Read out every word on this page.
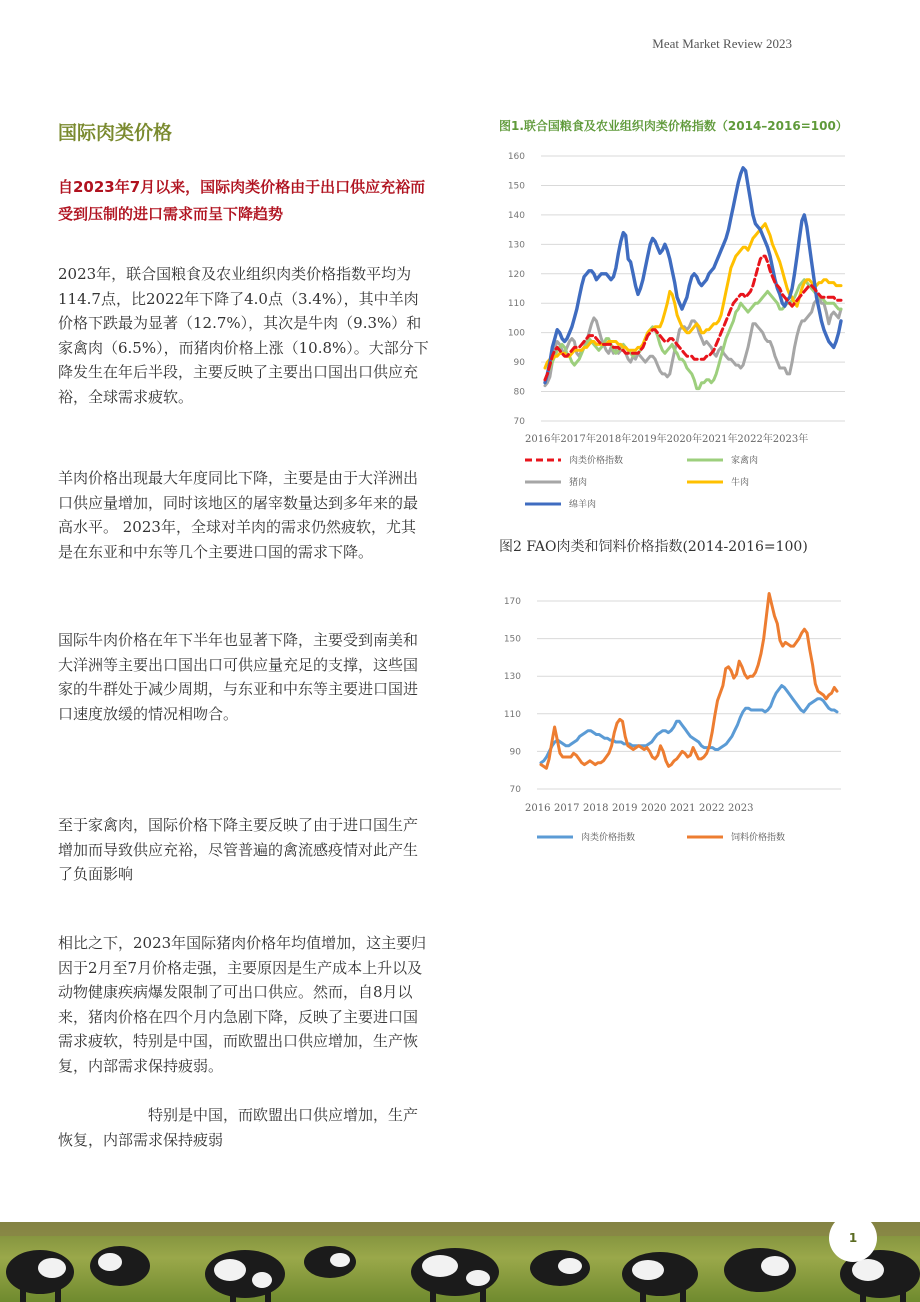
Meat Market Review 2023
国际肉类价格
自2023年7月以来，国际肉类价格由于出口供应充裕而受到压制的进口需求而呈下降趋势
2023年，联合国粮食及农业组织肉类价格指数平均为114.7点，比2022年下降了4.0点（3.4%），其中羊肉价格下跌最为显著（12.7%），其次是牛肉（9.3%）和家禽肉（6.5%），而猪肉价格上涨（10.8%）。大部分下降发生在年后半段，主要反映了主要出口国出口供应充裕，全球需求疲软。
羊肉价格出现最大年度同比下降，主要是由于大洋洲出口供应量增加，同时该地区的屠宰数量达到多年来的最高水平。 2023年，全球对羊肉的需求仍然疲软，尤其是在东亚和中东等几个主要进口国的需求下降。
国际牛肉价格在年下半年也显著下降，主要受到南美和大洋洲等主要出口国出口可供应量充足的支撑，这些国家的牛群处于减少周期，与东亚和中东等主要进口国进口速度放缓的情况相吻合。
至于家禽肉，国际价格下降主要反映了由于进口国生产增加而导致供应充裕，尽管普遍的禽流感疫情对此产生了负面影响
相比之下，2023年国际猪肉价格年均值增加，这主要归因于2月至7月价格走强，主要原因是生产成本上升以及动物健康疾病爆发限制了可出口供应。然而，自8月以来，猪肉价格在四个月内急剧下降，反映了主要进口国需求疲软，特别是中国，而欧盟出口供应增加，生产恢复，内部需求保持疲弱。
特别是中国，而欧盟出口供应增加，生产恢复，内部需求保持疲弱
图1.联合国粮食及农业组织肉类价格指数（2014–2016=100）
70
80
90
100
110
120
130
140
150
160
2016年 2017年 2018年 2019年 2020年 2021年 2022年 2023年
肉类价格指数	家禽肉
猪肉	牛肉
绵羊肉
图2 FAO肉类和饲料价格指数(2014-2016=100)
70
90
110
130
150
170
2016 2017 2018 2019 2020 2021 2022 2023
肉类价格指数	饲料价格指数
1
